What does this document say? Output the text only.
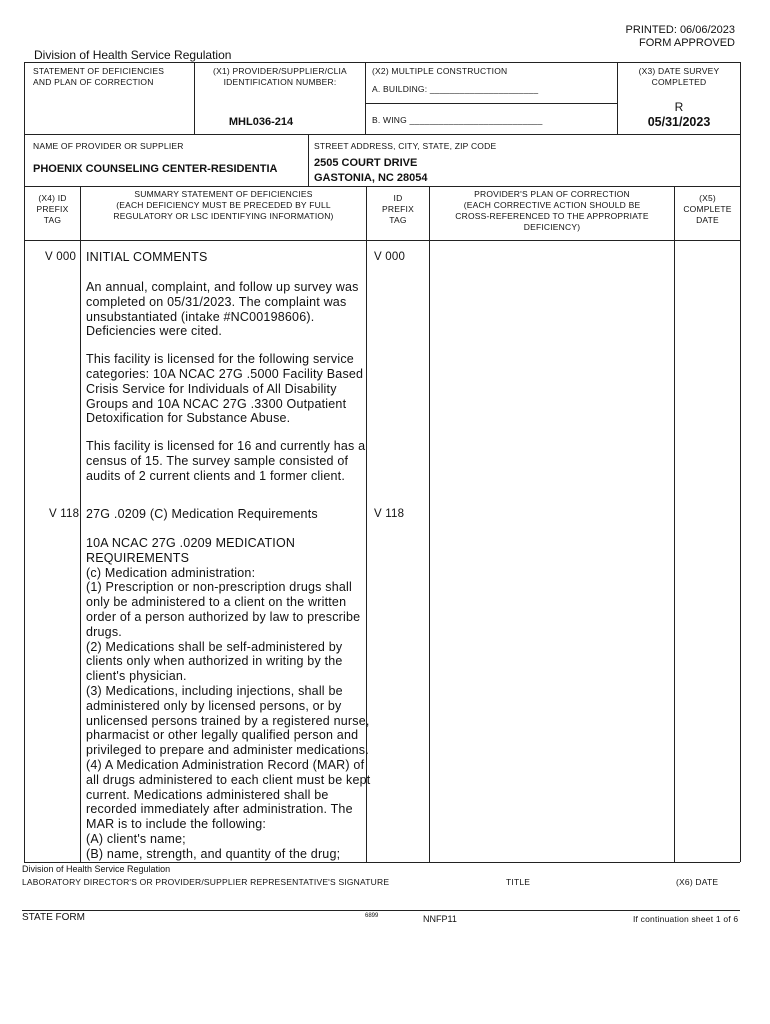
PRINTED: 06/06/2023
FORM APPROVED
Division of Health Service Regulation
STATEMENT OF DEFICIENCIES
AND PLAN OF CORRECTION
(X1) PROVIDER/SUPPLIER/CLIA
IDENTIFICATION NUMBER:
MHL036-214
(X2) MULTIPLE CONSTRUCTION
A. BUILDING: ______________________
B. WING ___________________________
(X3) DATE SURVEY
COMPLETED
R
05/31/2023
NAME OF PROVIDER OR SUPPLIER
PHOENIX COUNSELING CENTER-RESIDENTIA
STREET ADDRESS, CITY, STATE, ZIP CODE
2505 COURT DRIVE
GASTONIA, NC 28054
(X4) ID
PREFIX
TAG
SUMMARY STATEMENT OF DEFICIENCIES
(EACH DEFICIENCY MUST BE PRECEDED BY FULL
REGULATORY OR LSC IDENTIFYING INFORMATION)
ID
PREFIX
TAG
PROVIDER'S PLAN OF CORRECTION
(EACH CORRECTIVE ACTION SHOULD BE
CROSS-REFERENCED TO THE APPROPRIATE
DEFICIENCY)
(X5)
COMPLETE
DATE
V 000 INITIAL COMMENTS	V 000

An annual, complaint, and follow up survey was
completed on 05/31/2023. The complaint was
unsubstantiated (intake #NC00198606).
Deficiencies were cited.

This facility is licensed for the following service
categories: 10A NCAC 27G .5000 Facility Based
Crisis Service for Individuals of All Disability
Groups and 10A NCAC 27G .3300 Outpatient
Detoxification for Substance Abuse.

This facility is licensed for 16 and currently has a
census of 15. The survey sample consisted of
audits of 2 current clients and 1 former client.

V 118 27G .0209 (C) Medication Requirements	V 118
10A NCAC 27G .0209 MEDICATION
REQUIREMENTS
(c) Medication administration:
(1) Prescription or non-prescription drugs shall
only be administered to a client on the written
order of a person authorized by law to prescribe
drugs.
(2) Medications shall be self-administered by
clients only when authorized in writing by the
client's physician.
(3) Medications, including injections, shall be
administered only by licensed persons, or by
unlicensed persons trained by a registered nurse,
pharmacist or other legally qualified person and
privileged to prepare and administer medications.
(4) A Medication Administration Record (MAR) of
all drugs administered to each client must be kept
current. Medications administered shall be
recorded immediately after administration. The
MAR is to include the following:
(A) client's name;
(B) name, strength, and quantity of the drug;
Division of Health Service Regulation
LABORATORY DIRECTOR'S OR PROVIDER/SUPPLIER REPRESENTATIVE'S SIGNATURE	TITLE	(X6) DATE
STATE FORM	6899	NNFP11	If continuation sheet 1 of 6
